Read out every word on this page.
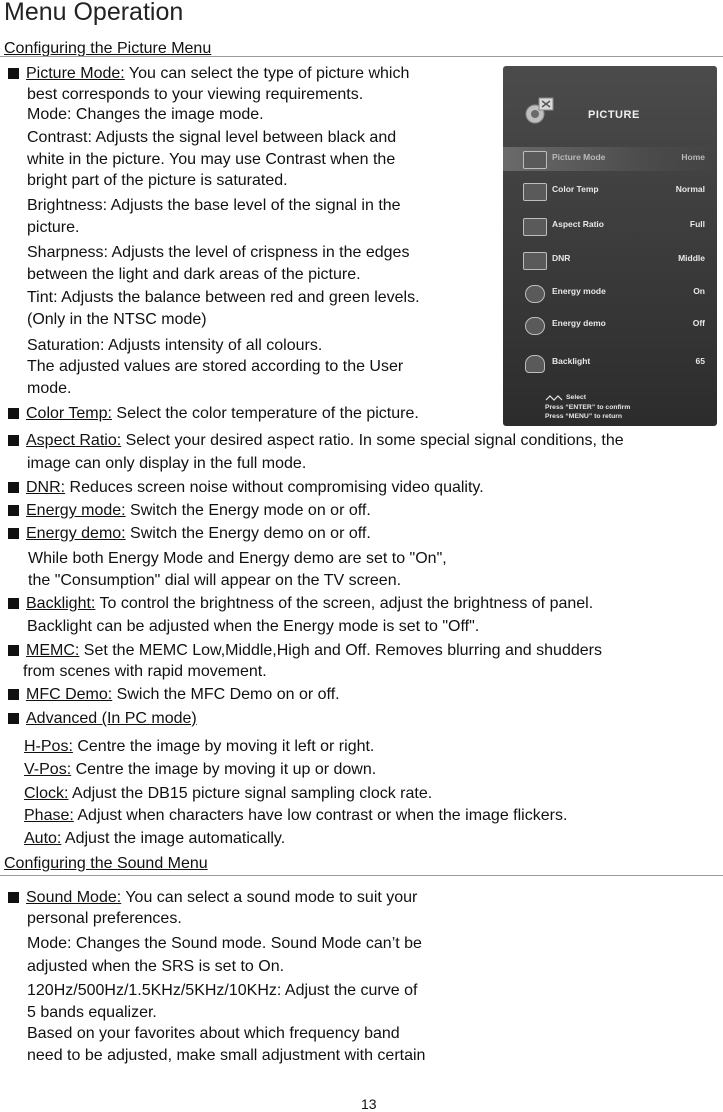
Menu Operation
Configuring the Picture Menu
Picture Mode: You can select the type of picture which
best corresponds to your viewing requirements.
Mode: Changes the image mode.
Contrast: Adjusts the signal level between black and
white in the picture. You may use Contrast when the
bright part of the picture is saturated.
Brightness: Adjusts the base level of the signal in the
picture.
Sharpness: Adjusts the level of crispness in the edges
between the light and dark areas of the picture.
Tint: Adjusts the balance between red and green levels.
(Only in the NTSC mode)
Saturation: Adjusts intensity of all colours.
The adjusted values are stored according to the User
mode.
Color Temp: Select the color temperature of the picture.
Aspect Ratio: Select your desired aspect ratio. In some special signal conditions, the
image can only display in the full mode.
DNR: Reduces screen noise without compromising video quality.
Energy mode: Switch the Energy mode on or off.
Energy demo: Switch the Energy demo on or off.
While both Energy Mode and Energy demo are set to "On",
the "Consumption" dial will appear on the TV screen.
Backlight: To control the brightness of the screen, adjust the brightness of panel.
Backlight can be adjusted when the Energy mode is set to "Off".
MEMC: Set the MEMC Low,Middle,High and Off. Removes blurring and shudders
from scenes with rapid movement.
MFC Demo: Swich the MFC Demo on or off.
Advanced (In PC mode)
H-Pos: Centre the image by moving it left or right.
V-Pos: Centre the image by moving it up or down.
Clock: Adjust the DB15 picture signal sampling clock rate.
Phase: Adjust when characters have low contrast or when the image flickers.
Auto: Adjust the image automatically.
Configuring the Sound Menu
Sound Mode: You can select a sound mode to suit your
personal preferences.
Mode: Changes the Sound mode. Sound Mode can’t be
adjusted when the SRS is set to On.
120Hz/500Hz/1.5KHz/5KHz/10KHz: Adjust the curve of
5 bands equalizer.
Based on your favorites about which frequency band
need to be adjusted, make small adjustment with certain
13
PICTURE
Picture Mode	Home
Color Temp	Normal
Aspect Ratio	Full
DNR	Middle
Energy mode	On
Energy demo	Off
Backlight	65
Select
Press “ENTER” to confirm
Press “MENU” to return
